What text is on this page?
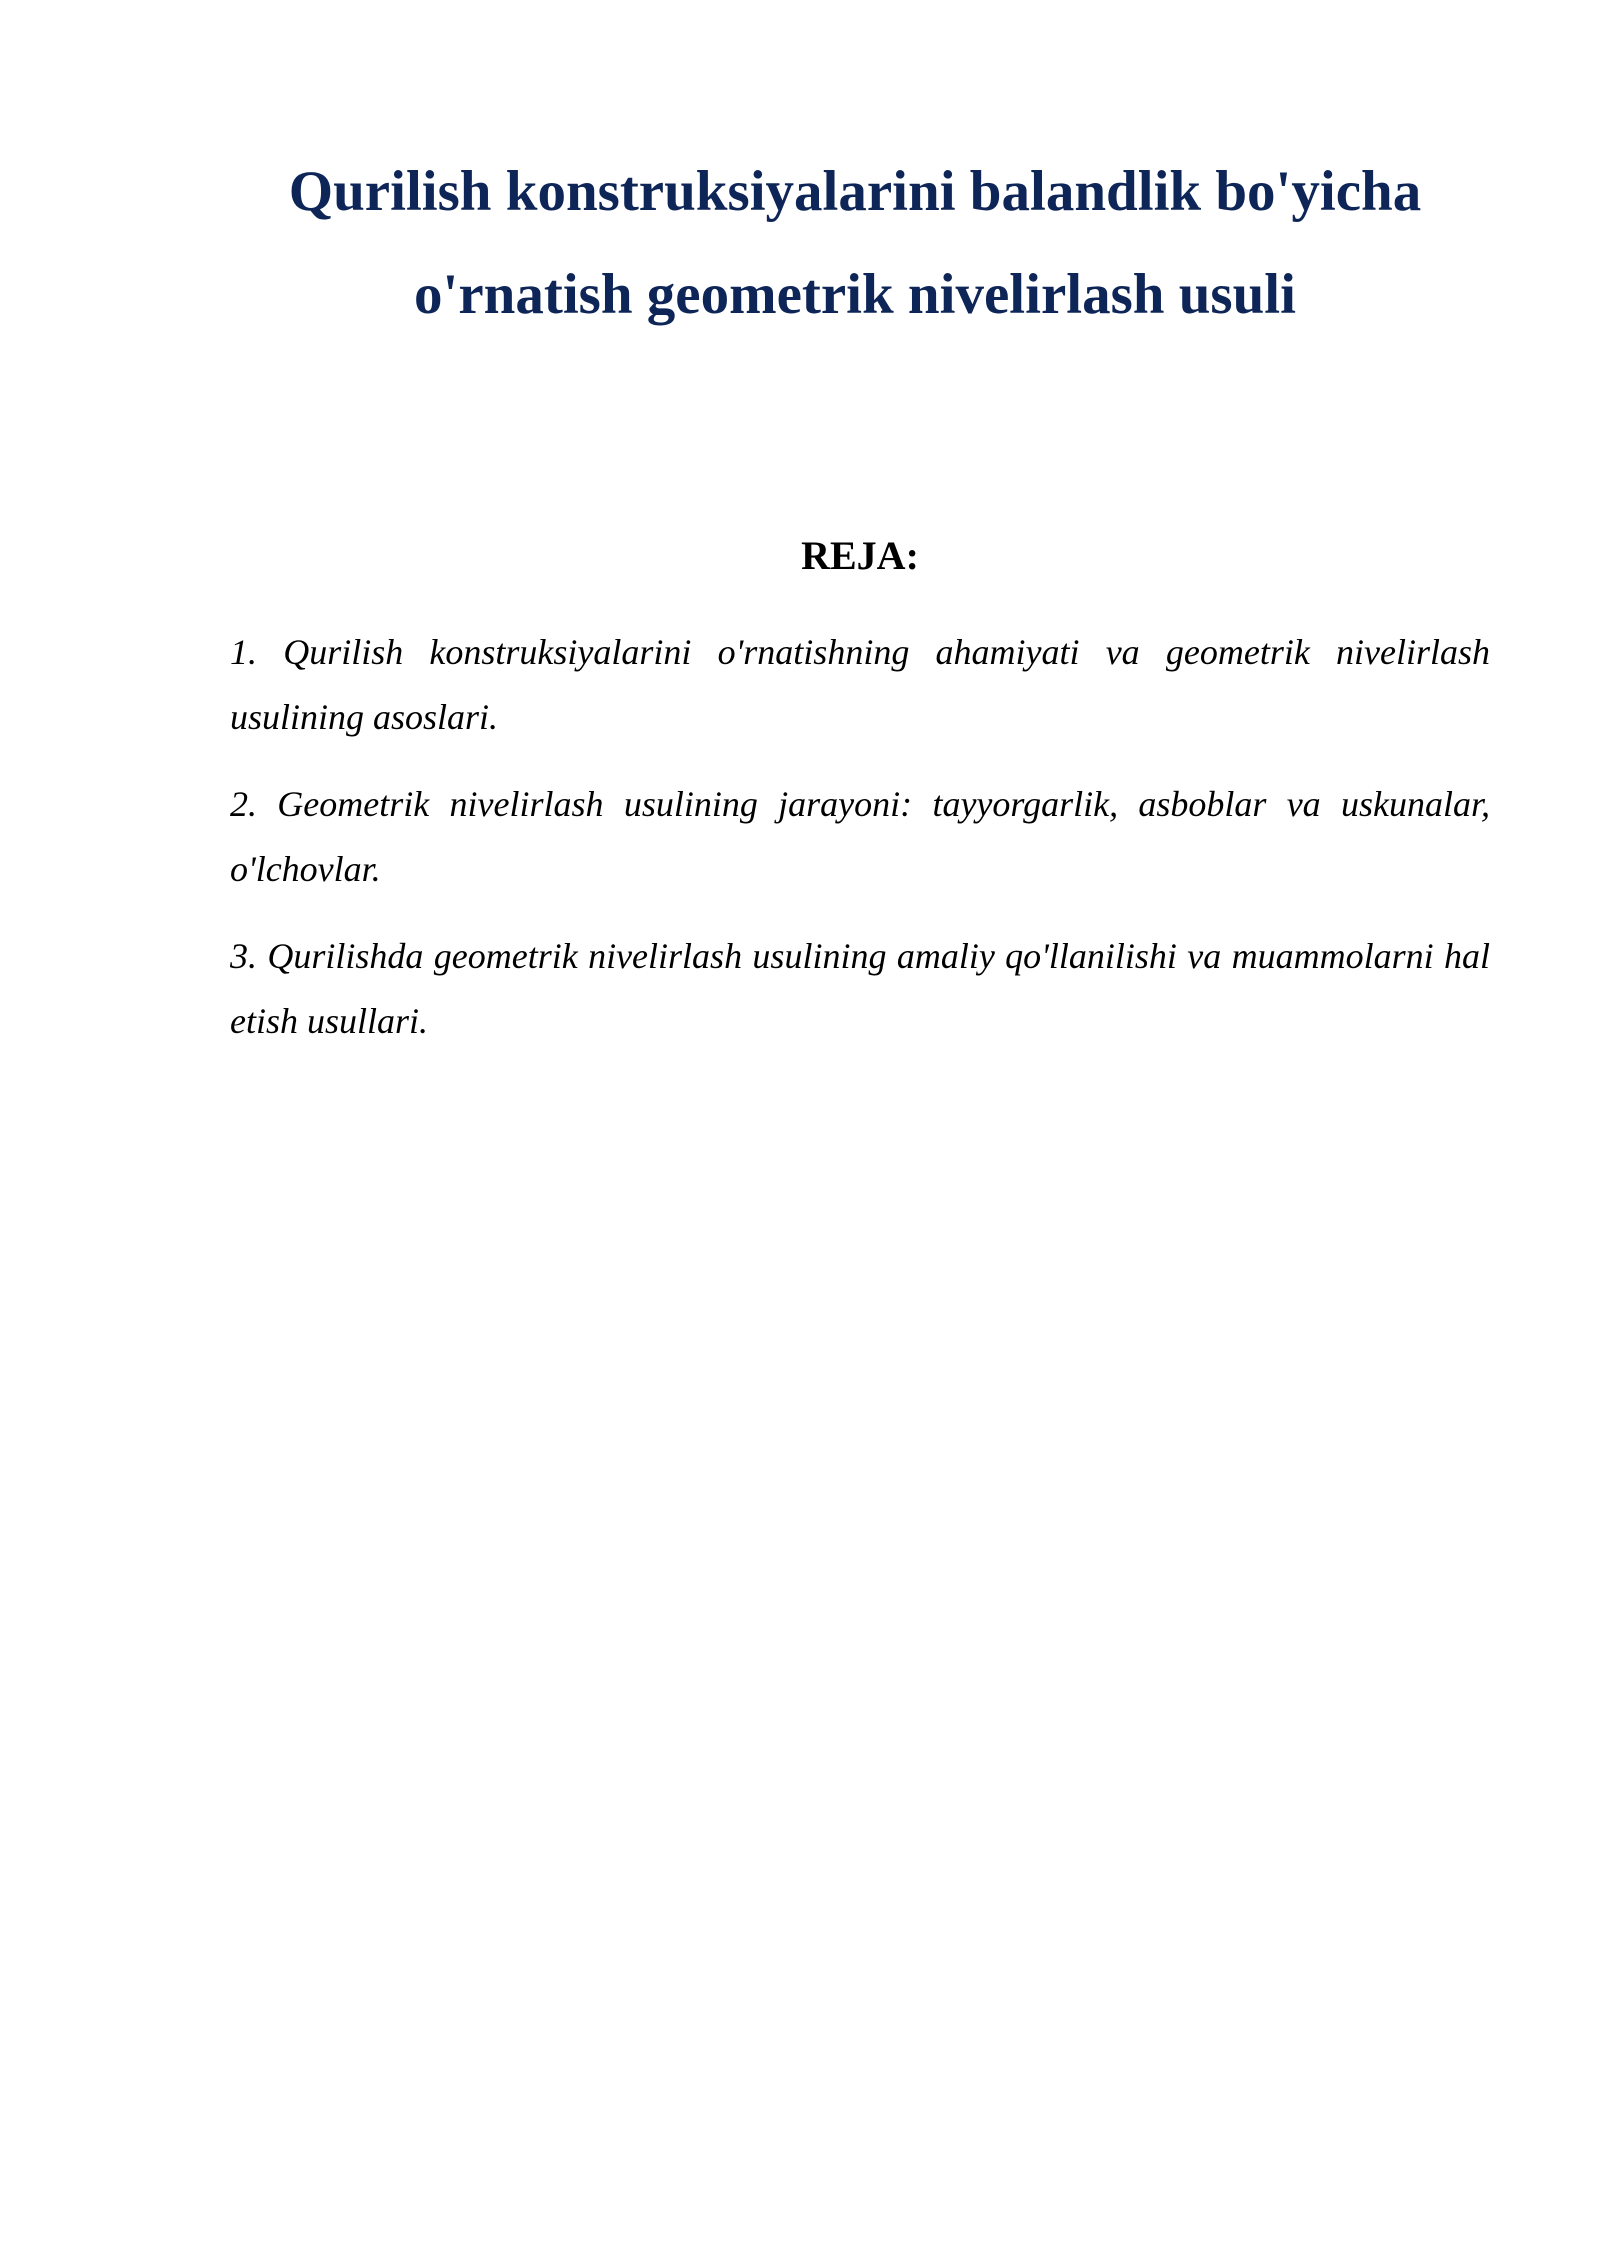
Qurilish konstruksiyalarini balandlik bo'yicha o'rnatish geometrik nivelirlash usuli
REJA:
1. Qurilish konstruksiyalarini o'rnatishning ahamiyati va geometrik nivelirlash usulining asoslari.
2. Geometrik nivelirlash usulining jarayoni: tayyorgarlik, asboblar va uskunalar, o'lchovlar.
3. Qurilishda geometrik nivelirlash usulining amaliy qo'llanilishi va muammolarni hal etish usullari.
